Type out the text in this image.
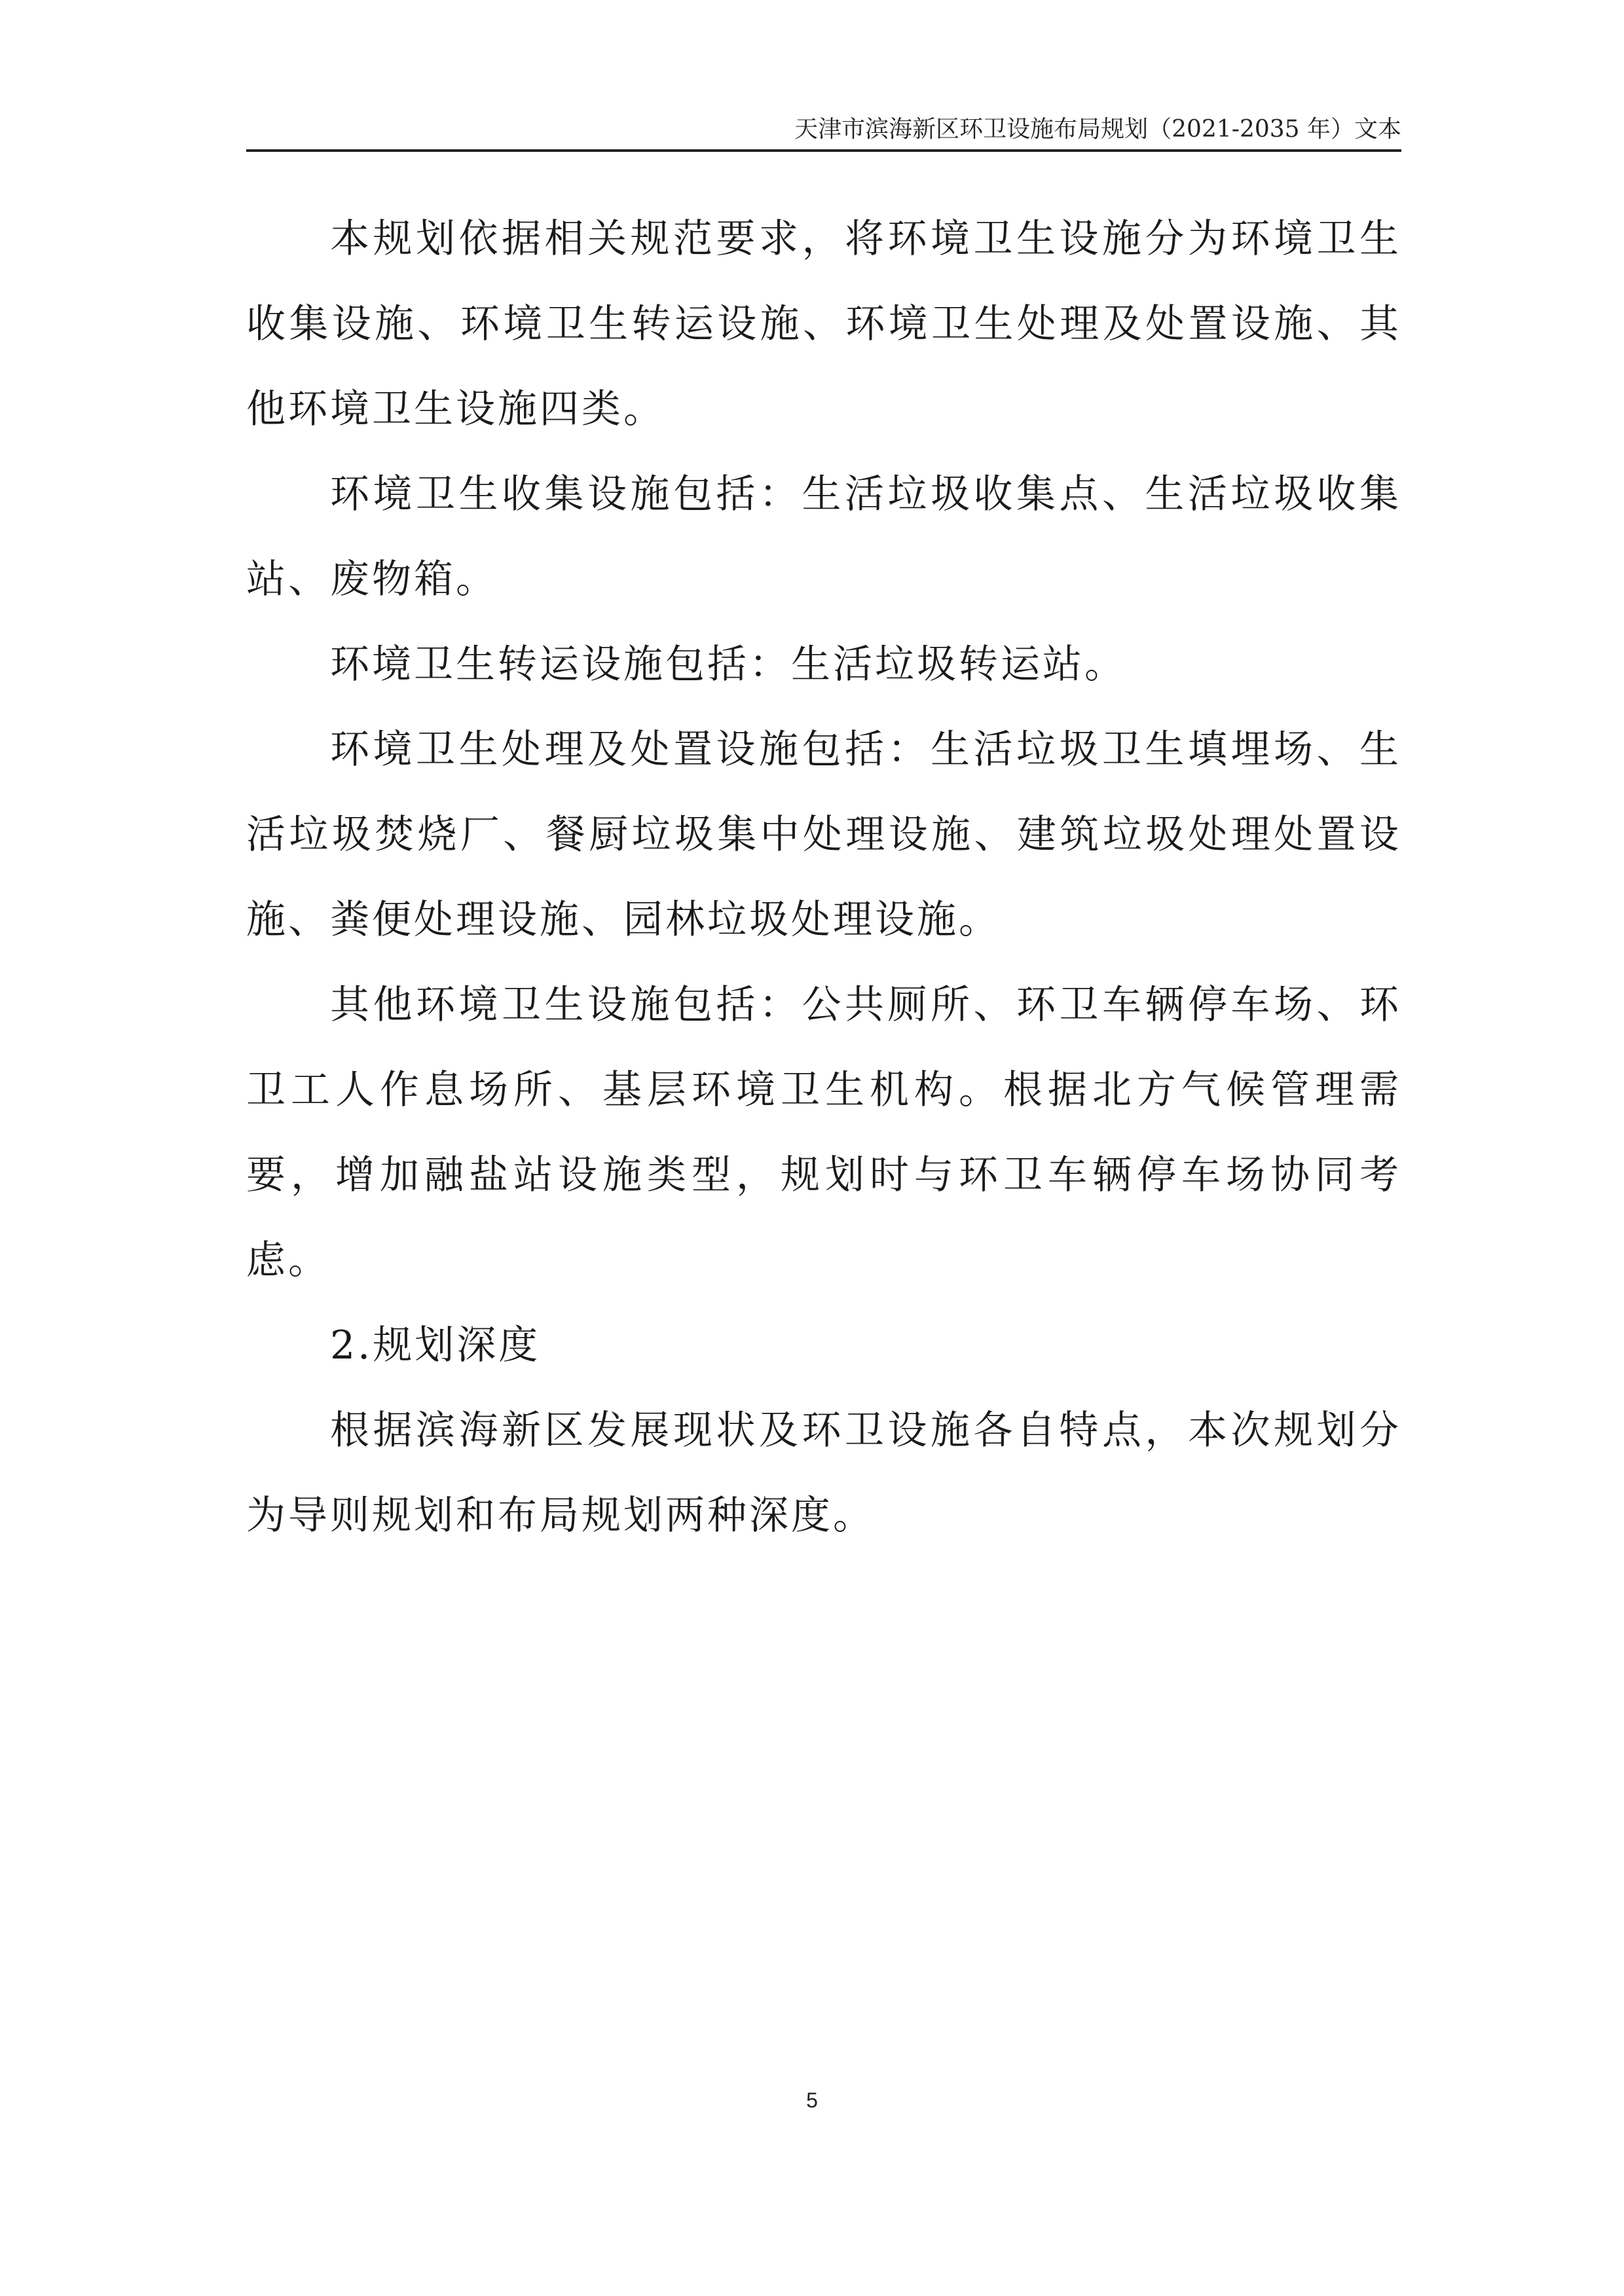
天津市滨海新区环卫设施布局规划（2021-2035 年）文本

本规划依据相关规范要求，将环境卫生设施分为环境卫生收集设施、环境卫生转运设施、环境卫生处理及处置设施、其他环境卫生设施四类。

环境卫生收集设施包括：生活垃圾收集点、生活垃圾收集站、废物箱。

环境卫生转运设施包括：生活垃圾转运站。

环境卫生处理及处置设施包括：生活垃圾卫生填埋场、生活垃圾焚烧厂、餐厨垃圾集中处理设施、建筑垃圾处理处置设施、粪便处理设施、园林垃圾处理设施。

其他环境卫生设施包括：公共厕所、环卫车辆停车场、环卫工人作息场所、基层环境卫生机构。根据北方气候管理需要，增加融盐站设施类型，规划时与环卫车辆停车场协同考虑。

2.规划深度

根据滨海新区发展现状及环卫设施各自特点，本次规划分为导则规划和布局规划两种深度。

5
